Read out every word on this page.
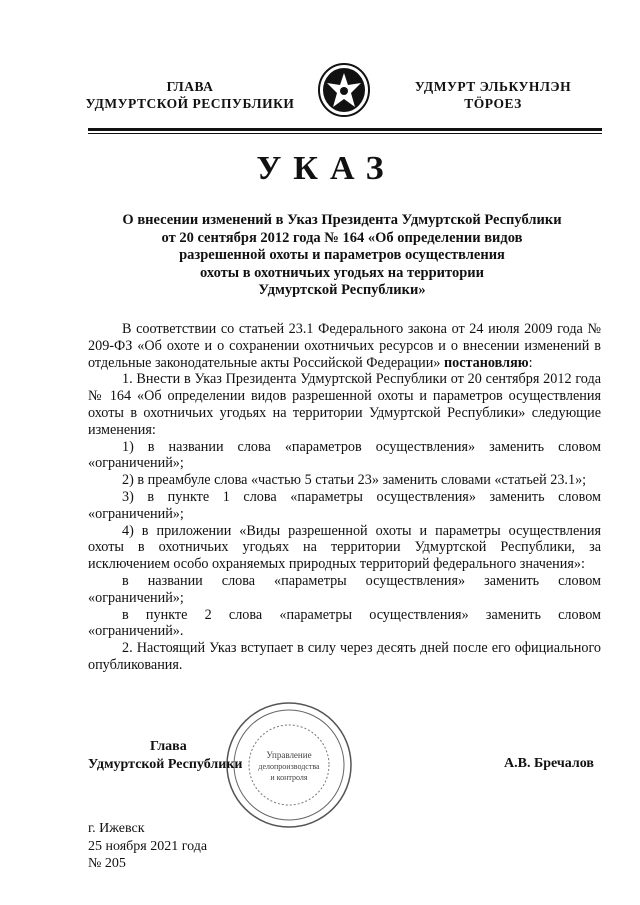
ГЛАВА
УДМУРТСКОЙ РЕСПУБЛИКИ
УДМУРТ ЭЛЬКУНЛЭН
ТӦРОЕЗ
УКАЗ
О внесении изменений в Указ Президента Удмуртской Республики
от 20 сентября 2012 года № 164 «Об определении видов
разрешенной охоты и параметров осуществления
охоты в охотничьих угодьях на территории
Удмуртской Республики»

В соответствии со статьей 23.1 Федерального закона от 24 июля 2009 года № 209-ФЗ «Об охоте и о сохранении охотничьих ресурсов и о внесении изменений в отдельные законодательные акты Российской Федерации» постановляю:

1. Внести в Указ Президента Удмуртской Республики от 20 сентября 2012 года № 164 «Об определении видов разрешенной охоты и параметров осуществления охоты в охотничьих угодьях на территории Удмуртской Республики» следующие изменения:

1) в названии слова «параметров осуществления» заменить словом «ограничений»;

2) в преамбуле слова «частью 5 статьи 23» заменить словами «статьей 23.1»;

3) в пункте 1 слова «параметры осуществления» заменить словом «ограничений»;

4) в приложении «Виды разрешенной охоты и параметры осуществления охоты в охотничьих угодьях на территории Удмуртской Республики, за исключением особо охраняемых природных территорий федерального значения»:

в названии слова «параметры осуществления» заменить словом «ограничений»;

в пункте 2 слова «параметры осуществления» заменить словом «ограничений».

2. Настоящий Указ вступает в силу через десять дней после его официального опубликования.

Управление
делопроизводства
и контроля
Глава
Удмуртской Республики	А.В. Бречалов
г. Ижевск
25 ноября 2021 года
№ 205
